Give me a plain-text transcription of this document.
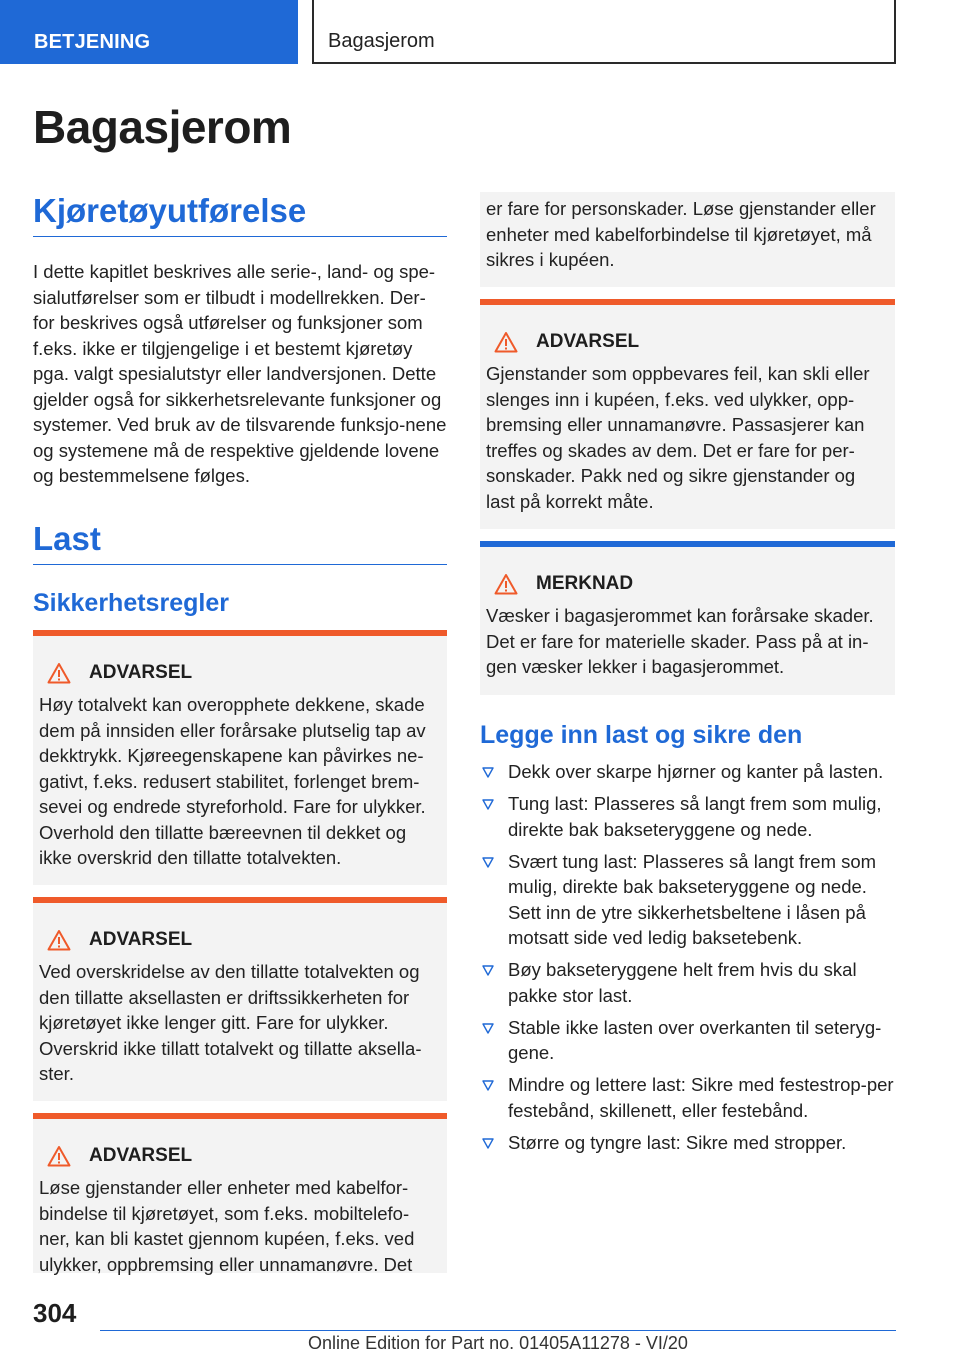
BETJENING	Bagasjerom
Bagasjerom
Kjøretøyutførelse

I dette kapitlet beskrives alle serie-, land- og spe-sialutførelser som er tilbudt i modellrekken. Der-for beskrives også utførelser og funksjoner som f.eks. ikke er tilgjengelige i et bestemt kjøretøy pga. valgt spesialutstyr eller landversjonen. Dette gjelder også for sikkerhetsrelevante funksjoner og systemer. Ved bruk av de tilsvarende funksjo-nene og systemene må de respektive gjeldende lovene og bestemmelsene følges.

Last
Sikkerhetsregler
ADVARSEL

Høy totalvekt kan overopphete dekkene, skade dem på innsiden eller forårsake plutselig tap av dekktrykk. Kjøreegenskapene kan påvirkes ne-gativt, f.eks. redusert stabilitet, forlenget brem-sevei og endrede styreforhold. Fare for ulykker. Overhold den tillatte bæreevnen til dekket og ikke overskrid den tillatte totalvekten.

ADVARSEL

Ved overskridelse av den tillatte totalvekten og den tillatte aksellasten er driftssikkerheten for kjøretøyet ikke lenger gitt. Fare for ulykker. Overskrid ikke tillatt totalvekt og tillatte aksella-ster.

ADVARSEL

Løse gjenstander eller enheter med kabelfor-bindelse til kjøretøyet, som f.eks. mobiltelefo-ner, kan bli kastet gjennom kupéen, f.eks. ved ulykker, oppbremsing eller unnamanøvre. Det

er fare for personskader. Løse gjenstander eller enheter med kabelforbindelse til kjøretøyet, må sikres i kupéen.

ADVARSEL

Gjenstander som oppbevares feil, kan skli eller slenges inn i kupéen, f.eks. ved ulykker, opp-bremsing eller unnamanøvre. Passasjerer kan treffes og skades av dem. Det er fare for per-sonskader. Pakk ned og sikre gjenstander og last på korrekt måte.

MERKNAD

Væsker i bagasjerommet kan forårsake skader. Det er fare for materielle skader. Pass på at in-gen væsker lekker i bagasjerommet.

Legge inn last og sikre den
Dekk over skarpe hjørner og kanter på lasten.
Tung last: Plasseres så langt frem som mulig, direkte bak bakseteryggene og nede.
Svært tung last: Plasseres så langt frem som mulig, direkte bak bakseteryggene og nede. Sett inn de ytre sikkerhetsbeltene i låsen på motsatt side ved ledig baksetebenk.
Bøy bakseteryggene helt frem hvis du skal pakke stor last.
Stable ikke lasten over overkanten til seteryg-gene.
Mindre og lettere last: Sikre med festestrop-per festebånd, skillenett, eller festebånd.
Større og tyngre last: Sikre med stropper.
304
Online Edition for Part no. 01405A11278 - VI/20
